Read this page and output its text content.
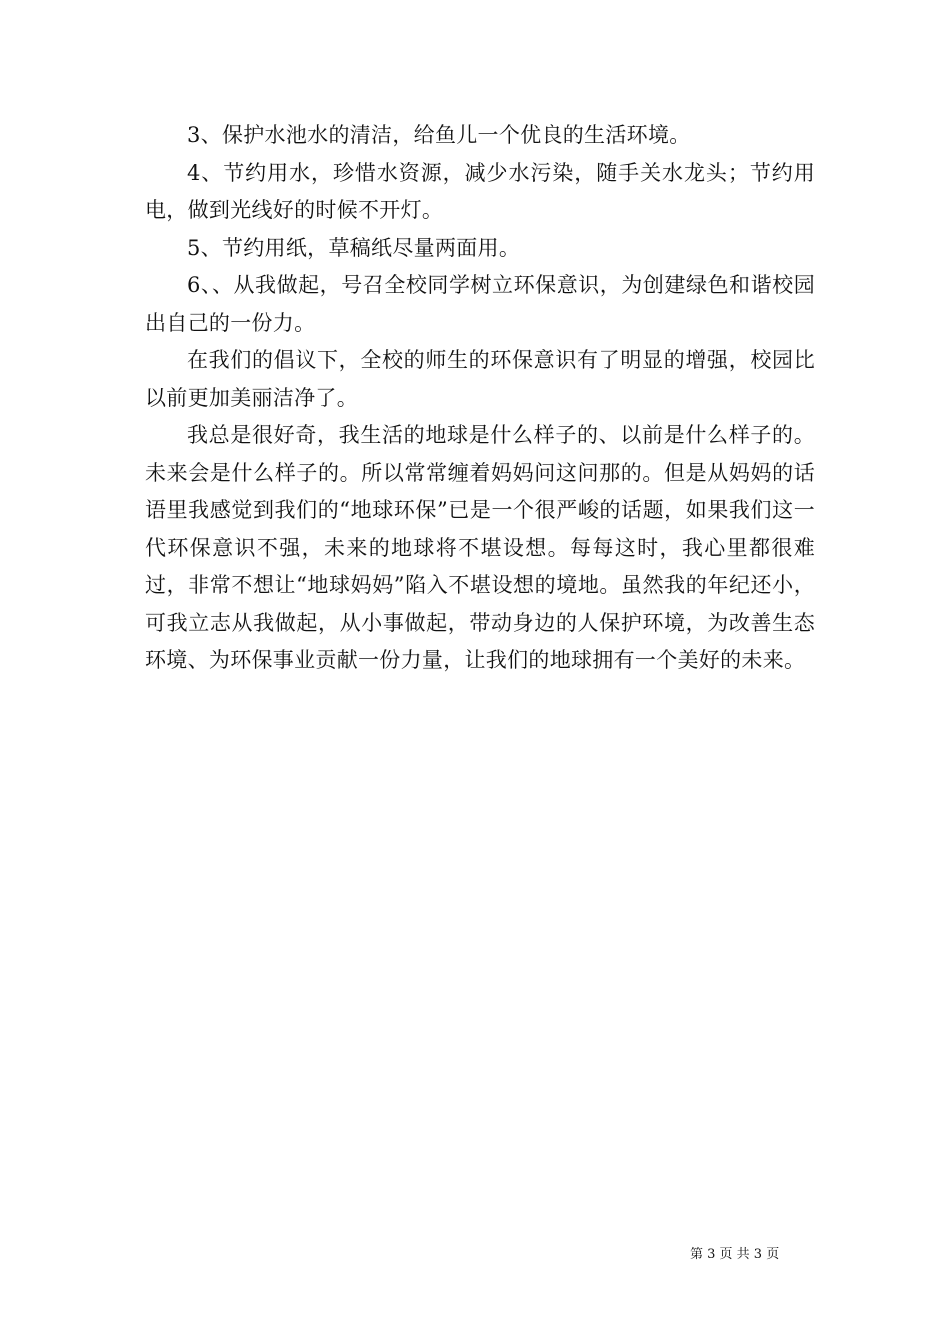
3、保护水池水的清洁，给鱼儿一个优良的生活环境。

4、节约用水，珍惜水资源，减少水污染，随手关水龙头；节约用电，做到光线好的时候不开灯。

5、节约用纸，草稿纸尽量两面用。

6、、从我做起，号召全校同学树立环保意识，为创建绿色和谐校园出自己的一份力。

在我们的倡议下，全校的师生的环保意识有了明显的增强，校园比以前更加美丽洁净了。

我总是很好奇，我生活的地球是什么样子的、以前是什么样子的。未来会是什么样子的。所以常常缠着妈妈问这问那的。但是从妈妈的话语里我感觉到我们的“地球环保”已是一个很严峻的话题，如果我们这一代环保意识不强，未来的地球将不堪设想。每每这时，我心里都很难过，非常不想让“地球妈妈”陷入不堪设想的境地。虽然我的年纪还小，可我立志从我做起，从小事做起，带动身边的人保护环境，为改善生态环境、为环保事业贡献一份力量，让我们的地球拥有一个美好的未来。

第 3 页 共 3 页
